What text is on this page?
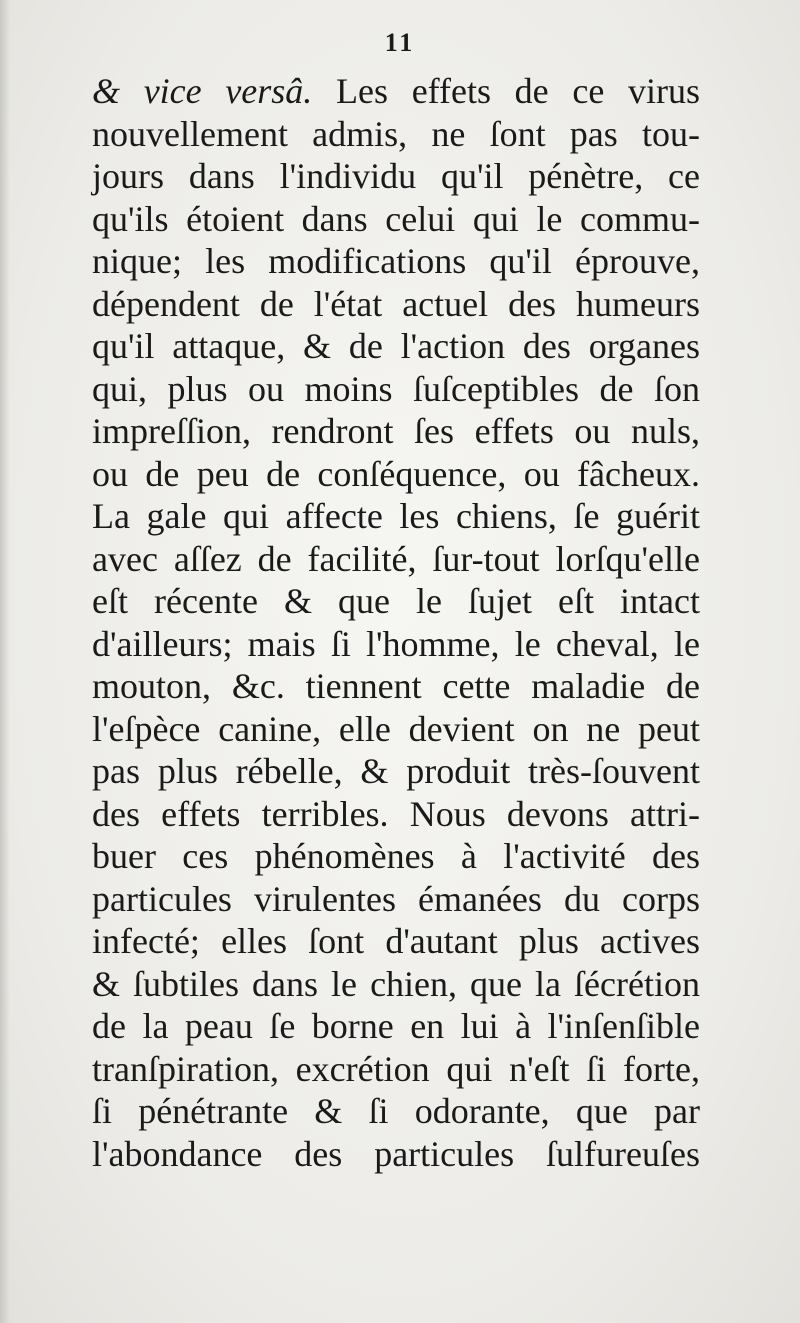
11
& vice versâ. Les effets de ce virus
nouvellement admis, ne ſont pas tou-
jours dans l'individu qu'il pénètre, ce
qu'ils étoient dans celui qui le commu-
nique; les modifications qu'il éprouve,
dépendent de l'état actuel des humeurs
qu'il attaque, & de l'action des organes
qui, plus ou moins ſuſceptibles de ſon
impreſſion, rendront ſes effets ou nuls,
ou de peu de conſéquence, ou fâcheux.
La gale qui affecte les chiens, ſe guérit
avec aſſez de facilité, ſur-tout lorſqu'elle
eſt récente & que le ſujet eſt intact
d'ailleurs; mais ſi l'homme, le cheval, le
mouton, &c. tiennent cette maladie de
l'eſpèce canine, elle devient on ne peut
pas plus rébelle, & produit très-ſouvent
des effets terribles. Nous devons attri-
buer ces phénomènes à l'activité des
particules virulentes émanées du corps
infecté; elles ſont d'autant plus actives
& ſubtiles dans le chien, que la ſécrétion
de la peau ſe borne en lui à l'inſenſible
tranſpiration, excrétion qui n'eſt ſi forte,
ſi pénétrante & ſi odorante, que par
l'abondance des particules ſulfureuſes
